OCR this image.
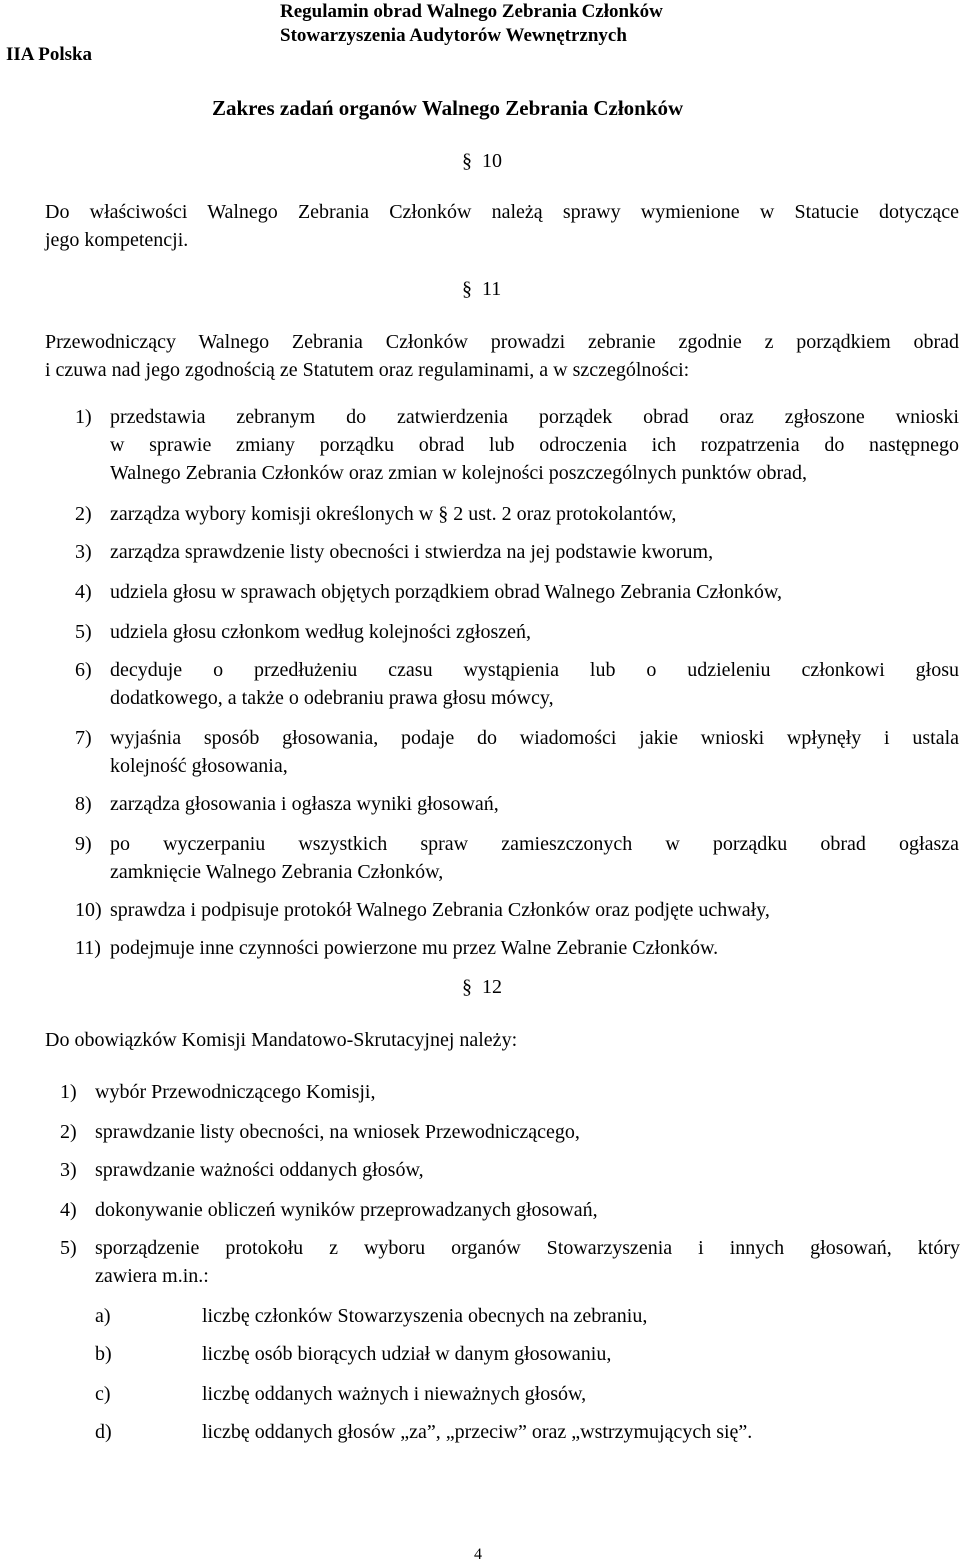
IIA Polska
Regulamin obrad Walnego Zebrania Członków
Stowarzyszenia Audytorów Wewnętrznych
Zakres zadań organów Walnego Zebrania Członków
§ 10
Do właściwości Walnego Zebrania Członków należą sprawy wymienione w Statucie dotyczące
jego kompetencji.
§ 11
Przewodniczący Walnego Zebrania Członków prowadzi zebranie zgodnie z porządkiem obrad
i czuwa nad jego zgodnością ze Statutem oraz regulaminami, a w szczególności:
1) przedstawia zebranym do zatwierdzenia porządek obrad oraz zgłoszone wnioski
w sprawie zmiany porządku obrad lub odroczenia ich rozpatrzenia do następnego
Walnego Zebrania Członków oraz zmian w kolejności poszczególnych punktów obrad,
2) zarządza wybory komisji określonych w § 2 ust. 2 oraz protokolantów,
3) zarządza sprawdzenie listy obecności i stwierdza na jej podstawie kworum,
4) udziela głosu w sprawach objętych porządkiem obrad Walnego Zebrania Członków,
5) udziela głosu członkom według kolejności zgłoszeń,
6) decyduje o przedłużeniu czasu wystąpienia lub o udzieleniu członkowi głosu
dodatkowego, a także o odebraniu prawa głosu mówcy,
7) wyjaśnia sposób głosowania, podaje do wiadomości jakie wnioski wpłynęły i ustala
kolejność głosowania,
8) zarządza głosowania i ogłasza wyniki głosowań,
9) po wyczerpaniu wszystkich spraw zamieszczonych w porządku obrad ogłasza
zamknięcie Walnego Zebrania Członków,
10) sprawdza i podpisuje protokół Walnego Zebrania Członków oraz podjęte uchwały,
11) podejmuje inne czynności powierzone mu przez Walne Zebranie Członków.
§ 12
Do obowiązków Komisji Mandatowo-Skrutacyjnej należy:
1) wybór Przewodniczącego Komisji,
2) sprawdzanie listy obecności, na wniosek Przewodniczącego,
3) sprawdzanie ważności oddanych głosów,
4) dokonywanie obliczeń wyników przeprowadzanych głosowań,
5) sporządzenie protokołu z wyboru organów Stowarzyszenia i innych głosowań, który
zawiera m.in.:
a)	liczbę członków Stowarzyszenia obecnych na zebraniu,
b)	liczbę osób biorących udział w danym głosowaniu,
c)	liczbę oddanych ważnych i nieważnych głosów,
d)	liczbę oddanych głosów „za”, „przeciw” oraz „wstrzymujących się”.
4
